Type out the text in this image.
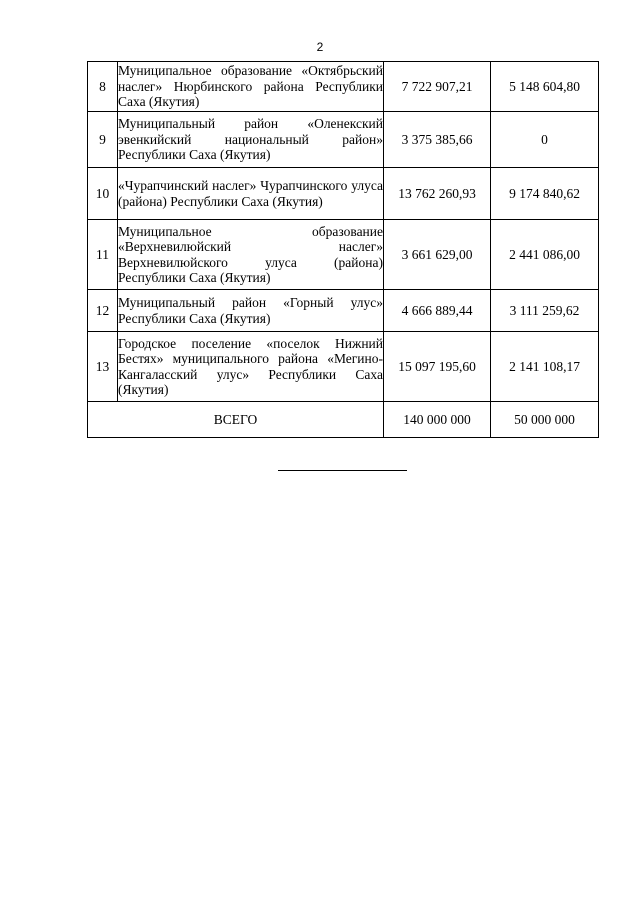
2
8	Муниципальное образование «Октябрьский наслег» Нюрбинского района Республики Саха (Якутия)	7 722 907,21	5 148 604,80
9	Муниципальный район «Оленекский эвенкийский национальный район» Республики Саха (Якутия)	3 375 385,66	0
10	«Чурапчинский наслег» Чурапчинского улуса (района) Республики Саха (Якутия)	13 762 260,93	9 174 840,62
11	Муниципальное образование «Верхневилюйский наслег» Верхневилюйского улуса (района) Республики Саха (Якутия)	3 661 629,00	2 441 086,00
12	Муниципальный район «Горный улус» Республики Саха (Якутия)	4 666 889,44	3 111 259,62
13	Городское поселение «поселок Нижний Бестях» муниципального района «Мегино-Кангаласский улус» Республики Саха (Якутия)	15 097 195,60	2 141 108,17
ВСЕГО		140 000 000	50 000 000
